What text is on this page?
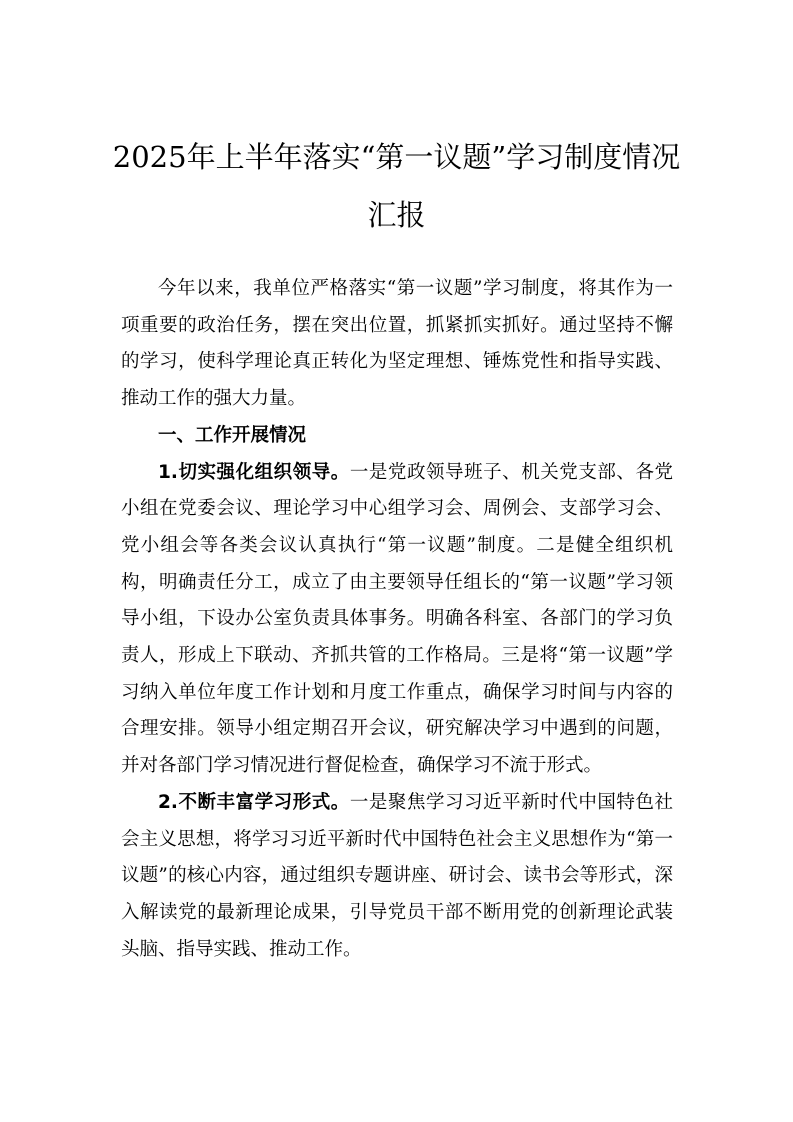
2025年上半年落实“第一议题”学习制度情况汇报

今年以来，我单位严格落实“第一议题”学习制度，将其作为一项重要的政治任务，摆在突出位置，抓紧抓实抓好。通过坚持不懈的学习，使科学理论真正转化为坚定理想、锤炼党性和指导实践、推动工作的强大力量。

一、工作开展情况

1.切实强化组织领导。一是党政领导班子、机关党支部、各党小组在党委会议、理论学习中心组学习会、周例会、支部学习会、党小组会等各类会议认真执行“第一议题”制度。二是健全组织机构，明确责任分工，成立了由主要领导任组长的“第一议题”学习领导小组，下设办公室负责具体事务。明确各科室、各部门的学习负责人，形成上下联动、齐抓共管的工作格局。三是将“第一议题”学习纳入单位年度工作计划和月度工作重点，确保学习时间与内容的合理安排。领导小组定期召开会议，研究解决学习中遇到的问题，并对各部门学习情况进行督促检查，确保学习不流于形式。

2.不断丰富学习形式。一是聚焦学习习近平新时代中国特色社会主义思想，将学习习近平新时代中国特色社会主义思想作为“第一议题”的核心内容，通过组织专题讲座、研讨会、读书会等形式，深入解读党的最新理论成果，引导党员干部不断用党的创新理论武装头脑、指导实践、推动工作。
